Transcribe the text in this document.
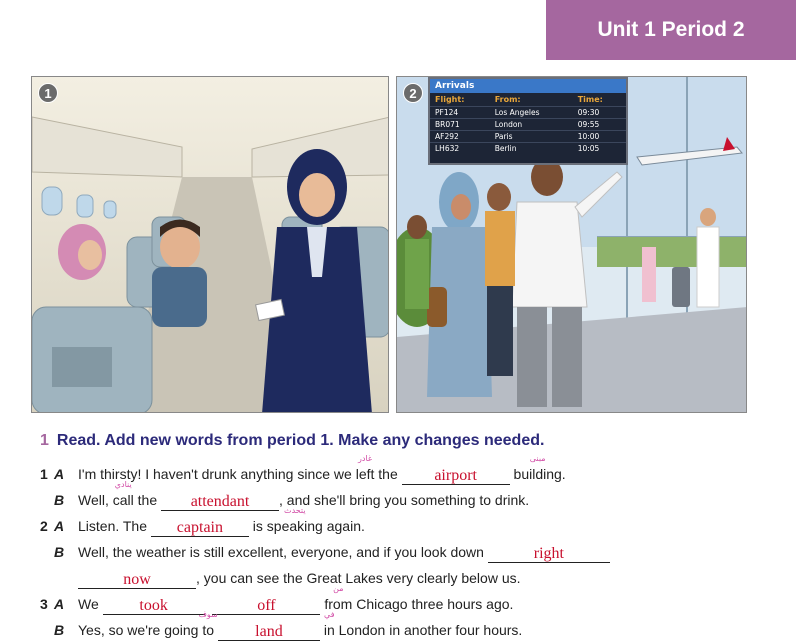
Unit 1 Period 2
1	Arrivals
Flight:	From:	Time:
PF124	Los Angeles	09:30
BR071	London	09:55
AF292	Paris	10:00
LH632	Berlin	10:05
2
1 Read. Add new words from period 1. Make any changes needed.
1 A I'm thirsty! I haven't drunk anything since we
غادر
left the airport
مبنى
building.
B Well,
ينادي
call the attendant , and she'll bring you something to drink.
2 A Listen. The captain is
يتحدث
speaking again.
B Well, the weather is still excellent, everyone, and if you look down	right
now	, you can see the Great Lakes very clearly below us.
3 A We took	off
من
from Chicago three hours ago.
B Yes, so we're going
سوف
to	land
في
in London in another four hours.
